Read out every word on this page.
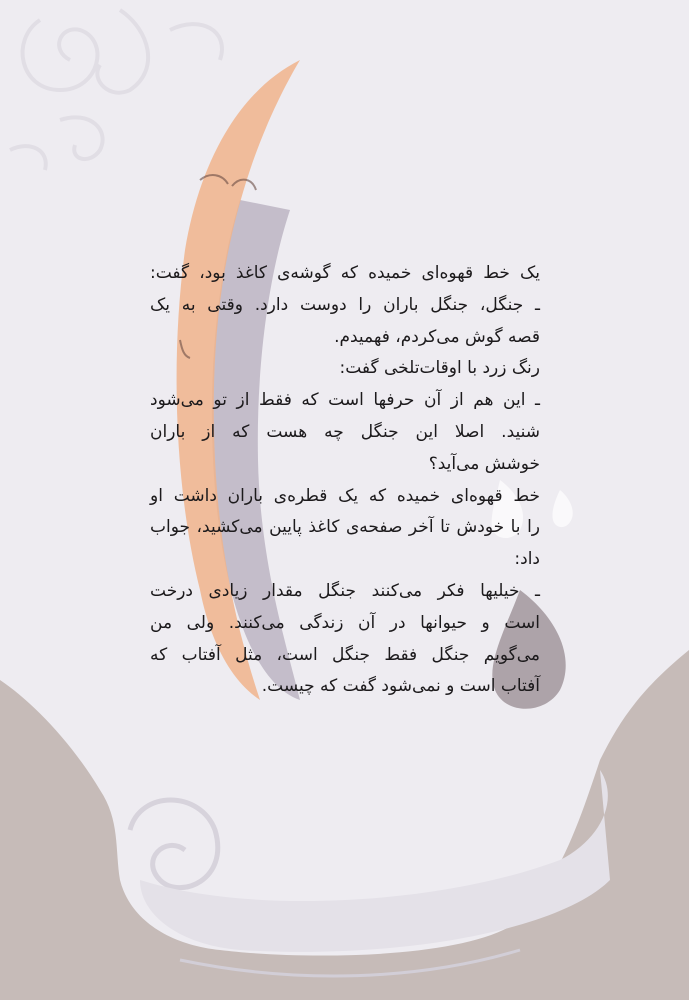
یک خط قهوه‌ای خمیده که گوشه‌ی کاغذ بود، گفت:

ـ جنگل، جنگل باران را دوست دارد. وقتی به یک

قصه گوش می‌کردم، فهمیدم.

رنگ زرد با اوقات‌تلخی گفت:

ـ این هم از آن حرفها است که فقط از تو می‌شود

شنید. اصلا این جنگل چه هست که از باران

خوشش می‌آید؟

خط قهوه‌ای خمیده که یک قطره‌ی باران داشت او

را با خودش تا آخر صفحه‌ی کاغذ پایین می‌کشید، جواب

داد:

ـ خیلیها فکر می‌کنند جنگل مقدار زیادی درخت

است و حیوانها در آن زندگی می‌کنند. ولی من

می‌گویم جنگل فقط جنگل است، مثل آفتاب که

آفتاب است و نمی‌شود گفت که چیست.
